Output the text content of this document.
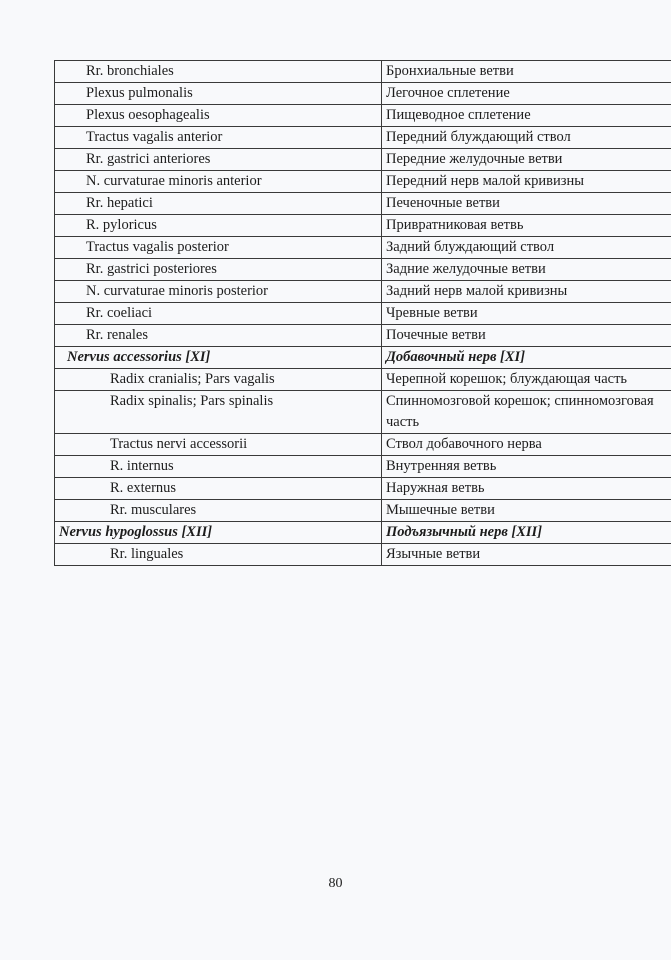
Rr. bronchiales	Бронхиальные ветви
Plexus pulmonalis	Легочное сплетение
Plexus oesophagealis	Пищеводное сплетение
Tractus vagalis anterior	Передний блуждающий ствол
Rr. gastrici anteriores	Передние желудочные ветви
N. curvaturae minoris anterior	Передний нерв малой кривизны
Rr. hepatici	Печеночные ветви
R. pyloricus	Привратниковая ветвь
Tractus vagalis posterior	Задний блуждающий ствол
Rr. gastrici posteriores	Задние желудочные ветви
N. curvaturae minoris posterior	Задний нерв малой кривизны
Rr. coeliaci	Чревные ветви
Rr. renales	Почечные ветви
Nervus accessorius [XI]	Добавочный нерв [XI]
Radix cranialis; Pars vagalis	Черепной корешок; блуждающая часть
Radix spinalis; Pars spinalis	Спинномозговой корешок; спинномозговая часть
Tractus nervi accessorii	Ствол добавочного нерва
R. internus	Внутренняя ветвь
R. externus	Наружная ветвь
Rr. musculares	Мышечные ветви
Nervus hypoglossus [XII]	Подъязычный нерв [XII]
Rr. linguales	Язычные ветви
80
